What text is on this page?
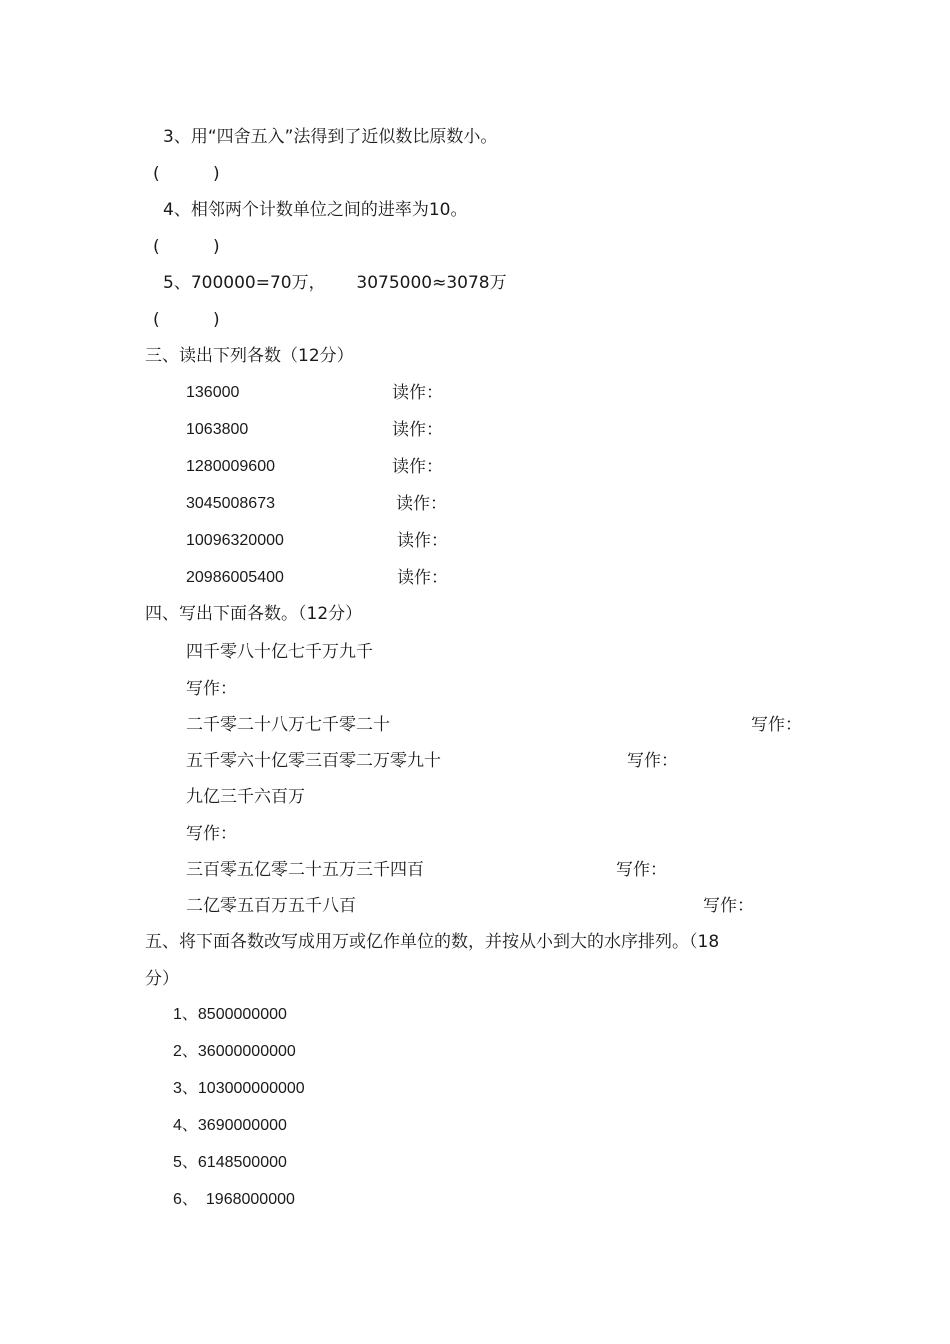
3、用“四舍五入”法得到了近似数比原数小。
(	)
4、相邻两个计数单位之间的进率为10。
(	)
5、700000=70万， 3075000≈3078万
(	)
三、读出下列各数（12分）
136000	读作：
1063800	读作：
1280009600	读作：
3045008673	读作：
10096320000	读作：
20986005400	读作：
四、写出下面各数。（12分）
四千零八十亿七千万九千
写作：
二千零二十八万七千零二十	写作：
五千零六十亿零三百零二万零九十	写作：
九亿三千六百万
写作：
三百零五亿零二十五万三千四百	写作：
二亿零五百万五千八百	写作：
五、将下面各数改写成用万或亿作单位的数，并按从小到大的水序排列。（18
分）
1、8500000000
2、36000000000
3、103000000000
4、3690000000
5、6148500000
6、　1968000000
